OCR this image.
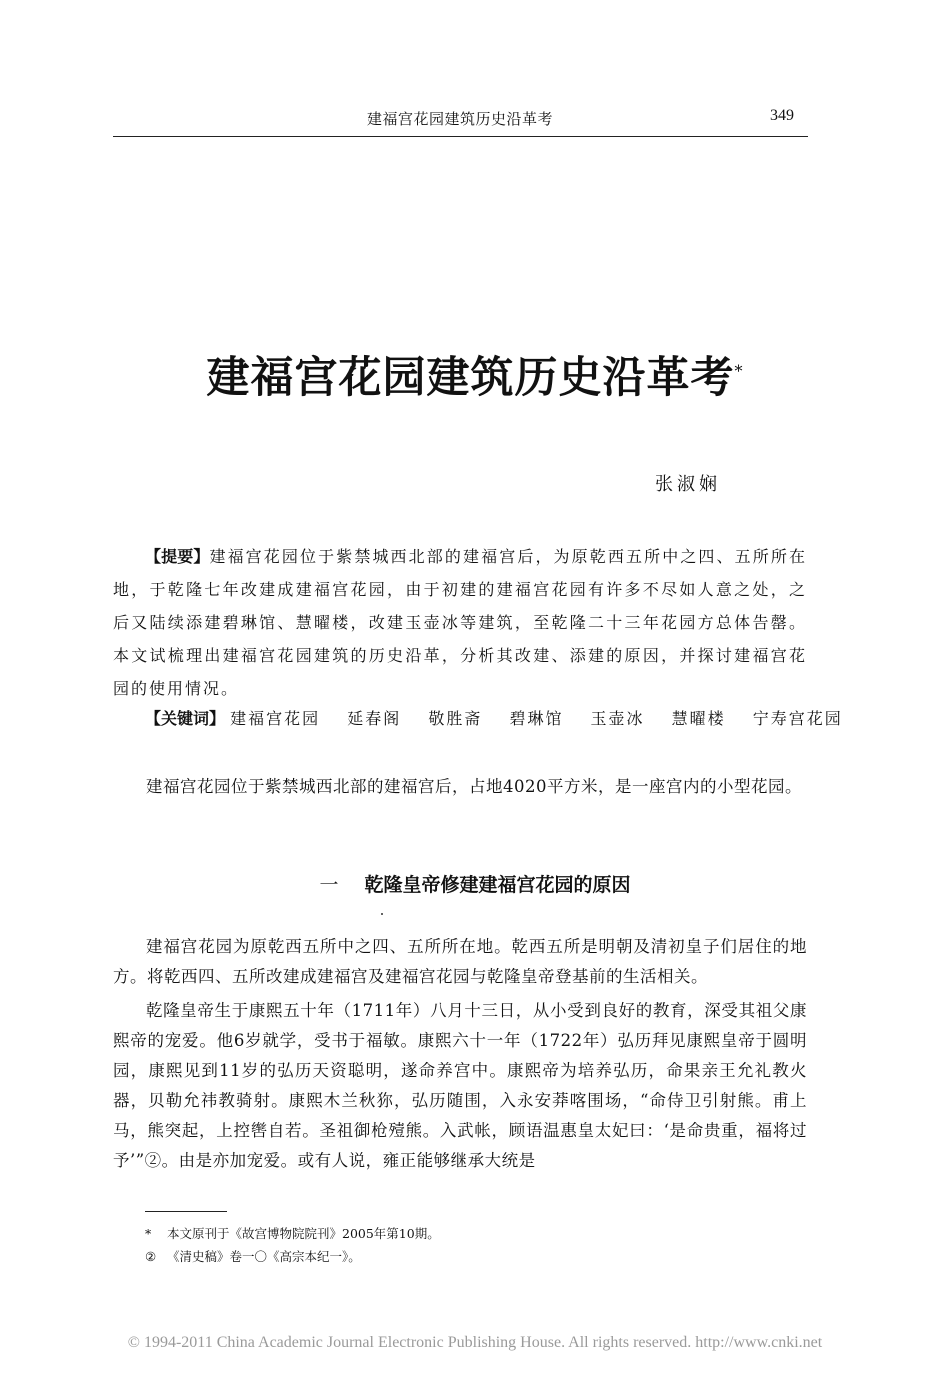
建福宫花园建筑历史沿革考	349
建福宫花园建筑历史沿革考*
张淑娴

【提要】建福宫花园位于紫禁城西北部的建福宫后，为原乾西五所中之四、五所所在地，于乾隆七年改建成建福宫花园，由于初建的建福宫花园有许多不尽如人意之处，之后又陆续添建碧琳馆、慧曜楼，改建玉壶冰等建筑，至乾隆二十三年花园方总体告罄。本文试梳理出建福宫花园建筑的历史沿革，分析其改建、添建的原因，并探讨建福宫花园的使用情况。

【关键词】 建福宫花园 延春阁 敬胜斋 碧琳馆 玉壶冰 慧曜楼 宁寿宫花园

建福宫花园位于紫禁城西北部的建福宫后，占地4020平方米，是一座宫内的小型花园。

一 乾隆皇帝修建建福宫花园的原因

建福宫花园为原乾西五所中之四、五所所在地。乾西五所是明朝及清初皇子们居住的地方。将乾西四、五所改建成建福宫及建福宫花园与乾隆皇帝登基前的生活相关。

乾隆皇帝生于康熙五十年（1711年）八月十三日，从小受到良好的教育，深受其祖父康熙帝的宠爱。他6岁就学，受书于福敏。康熙六十一年（1722年）弘历拜见康熙皇帝于圆明园，康熙见到11岁的弘历天资聪明，遂命养宫中。康熙帝为培养弘历，命果亲王允礼教火器，贝勒允祎教骑射。康熙木兰秋狝，弘历随围，入永安莽喀围场，“命侍卫引射熊。甫上马，熊突起，上控辔自若。圣祖御枪殪熊。入武帐，顾语温惠皇太妃曰：‘是命贵重，福将过予’”②。由是亦加宠爱。或有人说，雍正能够继承大统是

* 本文原刊于《故宫博物院院刊》2005年第10期。
② 《清史稿》卷一〇《高宗本纪一》。
© 1994-2011 China Academic Journal Electronic Publishing House. All rights reserved. http://www.cnki.net
